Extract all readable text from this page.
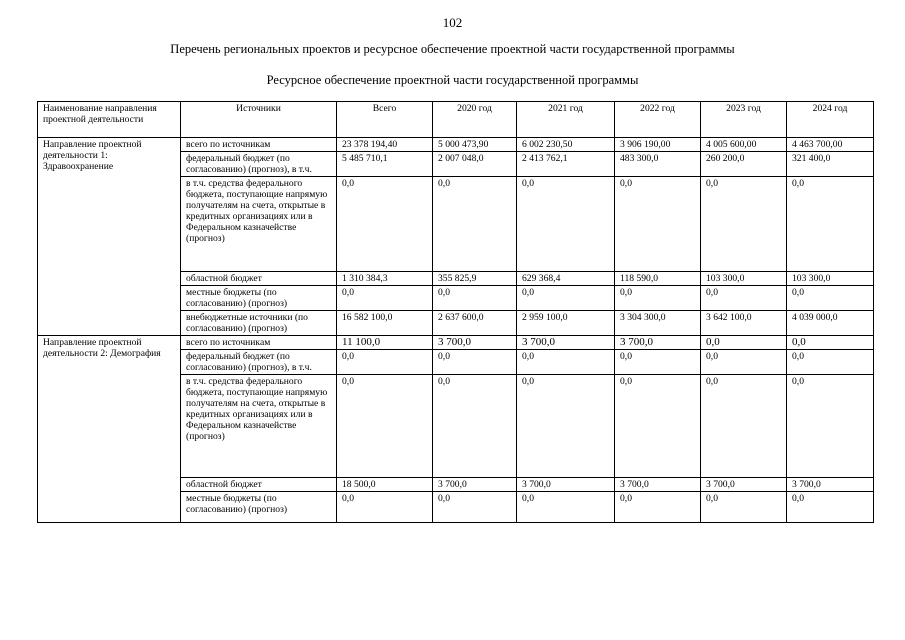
102
Перечень региональных проектов и ресурсное обеспечение проектной части государственной программы
Ресурсное обеспечение проектной части государственной программы
Наименование направления проектной деятельности	Источники	Всего	2020 год	2021 год	2022 год	2023 год	2024 год
Направление проектной деятельности 1: Здравоохранение	всего по источникам	23 378 194,40	5 000 473,90	6 002 230,50	3 906 190,00	4 005 600,00	4 463 700,00
	федеральный бюджет (по согласованию) (прогноз), в т.ч.	5 485 710,1	2 007 048,0	2 413 762,1	483 300,0	260 200,0	321 400,0
	в т.ч. средства федерального бюджета, поступающие напрямую получателям на счета, открытые в кредитных организациях или в Федеральном казначействе (прогноз)	0,0	0,0	0,0	0,0	0,0	0,0
	областной бюджет	1 310 384,3	355 825,9	629 368,4	118 590,0	103 300,0	103 300,0
	местные бюджеты (по согласованию) (прогноз)	0,0	0,0	0,0	0,0	0,0	0,0
	внебюджетные источники (по согласованию) (прогноз)	16 582 100,0	2 637 600,0	2 959 100,0	3 304 300,0	3 642 100,0	4 039 000,0
Направление проектной деятельности 2: Демография	всего по источникам	11 100,0	3 700,0	3 700,0	3 700,0	0,0	0,0
	федеральный бюджет (по согласованию) (прогноз), в т.ч.	0,0	0,0	0,0	0,0	0,0	0,0
	в т.ч. средства федерального бюджета, поступающие напрямую получателям на счета, открытые в кредитных организациях или в Федеральном казначействе (прогноз)	0,0	0,0	0,0	0,0	0,0	0,0
	областной бюджет	18 500,0	3 700,0	3 700,0	3 700,0	3 700,0	3 700,0
	местные бюджеты (по согласованию) (прогноз)	0,0	0,0	0,0	0,0	0,0	0,0
